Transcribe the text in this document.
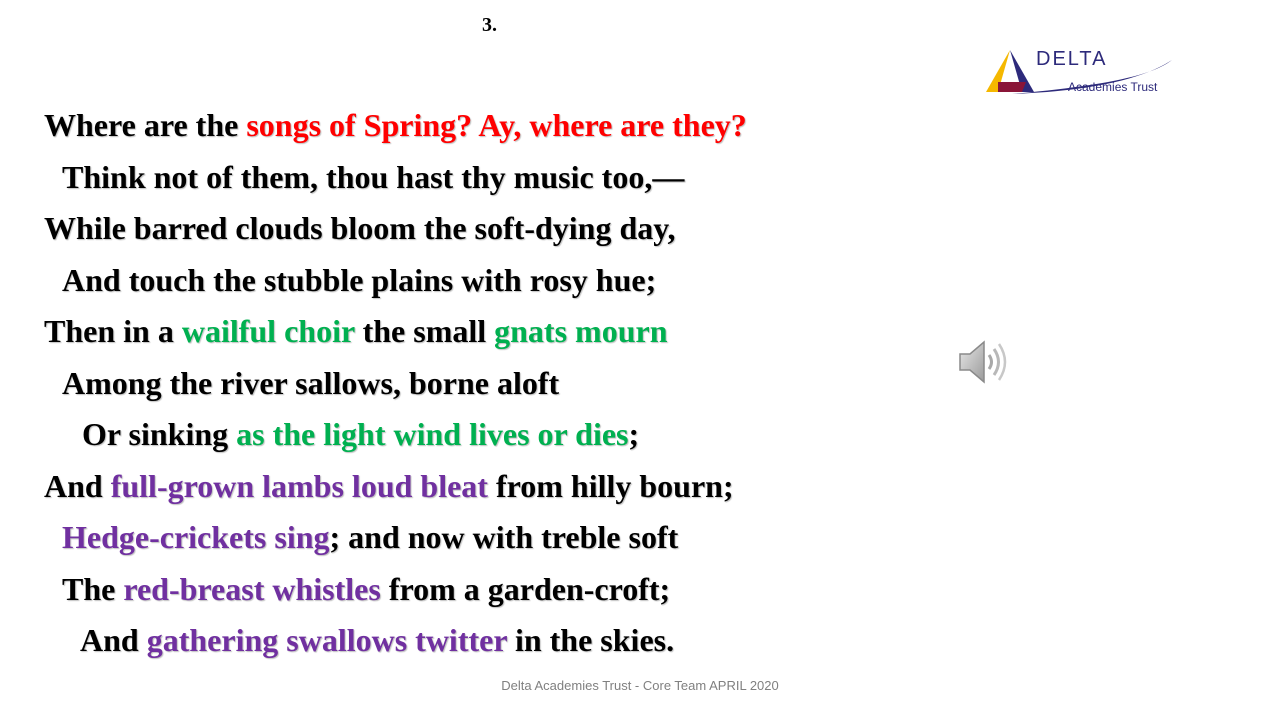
3.
DELTA
Academies Trust
Where are the songs of Spring? Ay, where are they?
Think not of them, thou hast thy music too,—
While barred clouds bloom the soft-dying day,
And touch the stubble plains with rosy hue;
Then in a wailful choir the small gnats mourn
Among the river sallows, borne aloft
Or sinking as the light wind lives or dies;
And full-grown lambs loud bleat from hilly bourn;
Hedge-crickets sing; and now with treble soft
The red-breast whistles from a garden-croft;
And gathering swallows twitter in the skies.
Delta Academies Trust - Core Team APRIL 2020
